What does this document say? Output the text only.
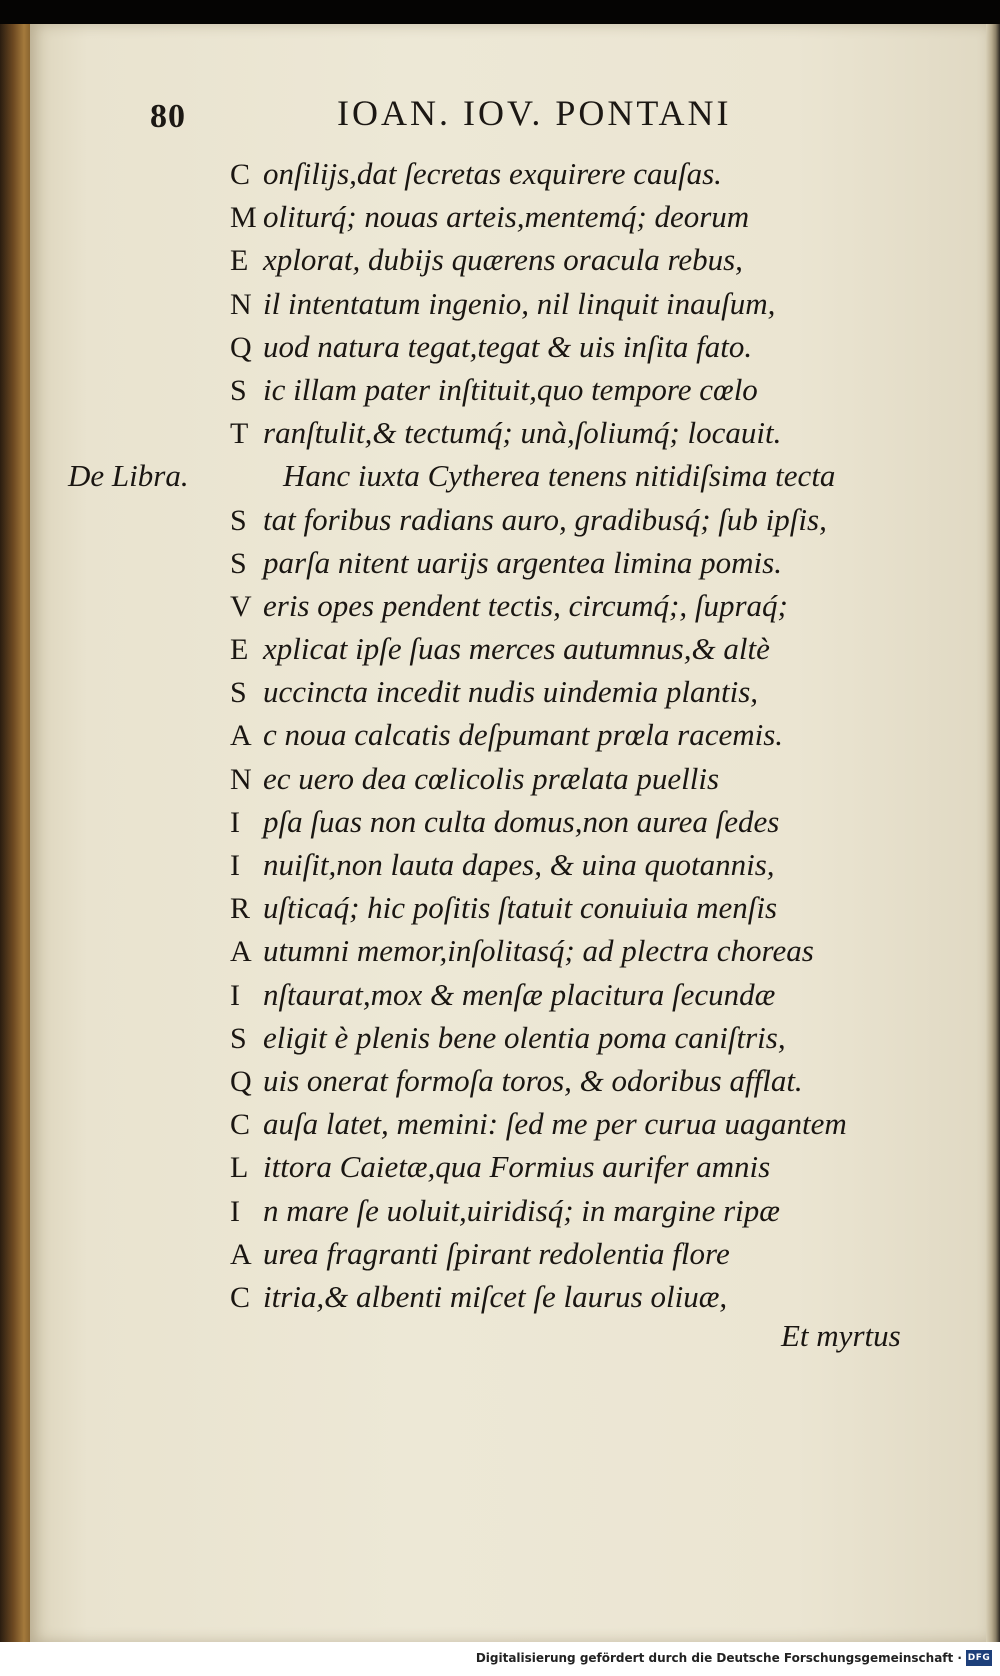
80	IOAN. IOV. PONTANI
C onſilijs,dat ſecretas exquirere cauſas.
M oliturq́; nouas arteis,mentemq́; deorum
E xplorat, dubijs quærens oracula rebus,
N il intentatum ingenio, nil linquit inauſum,
Q uod natura tegat,tegat & uis inſita fato.
S ic illam pater inſtituit,quo tempore cœlo
T ranſtulit,& tectumq́; unà,ſoliumq́; locauit.
Hanc iuxta Cytherea tenens nitidiſsima tecta
De Libra.
S tat foribus radians auro, gradibusq́; ſub ipſis,
S parſa nitent uarijs argentea limina pomis.
V eris opes pendent tectis, circumq́;, ſupraq́;
E xplicat ipſe ſuas merces autumnus,& altè
S uccincta incedit nudis uindemia plantis,
A c noua calcatis deſpumant prœla racemis.
N ec uero dea cœlicolis prælata puellis
I pſa ſuas non culta domus,non aurea ſedes
I nuiſit,non lauta dapes, & uina quotannis,
R uſticaq́; hic poſitis ſtatuit conuiuia menſis
A utumni memor,inſolitasq́; ad plectra choreas
I nſtaurat,mox & menſæ placitura ſecundæ
S eligit è plenis bene olentia poma caniſtris,
Q uis onerat formoſa toros, & odoribus afflat.
C auſa latet, memini: ſed me per curua uagantem
L ittora Caietæ,qua Formius aurifer amnis
I n mare ſe uoluit,uiridisq́; in margine ripæ
A urea fragranti ſpirant redolentia flore
C itria,& albenti miſcet ſe laurus oliuæ,
Et myrtus
Digitalisierung gefördert durch die Deutsche Forschungsgemeinschaft · DFG
